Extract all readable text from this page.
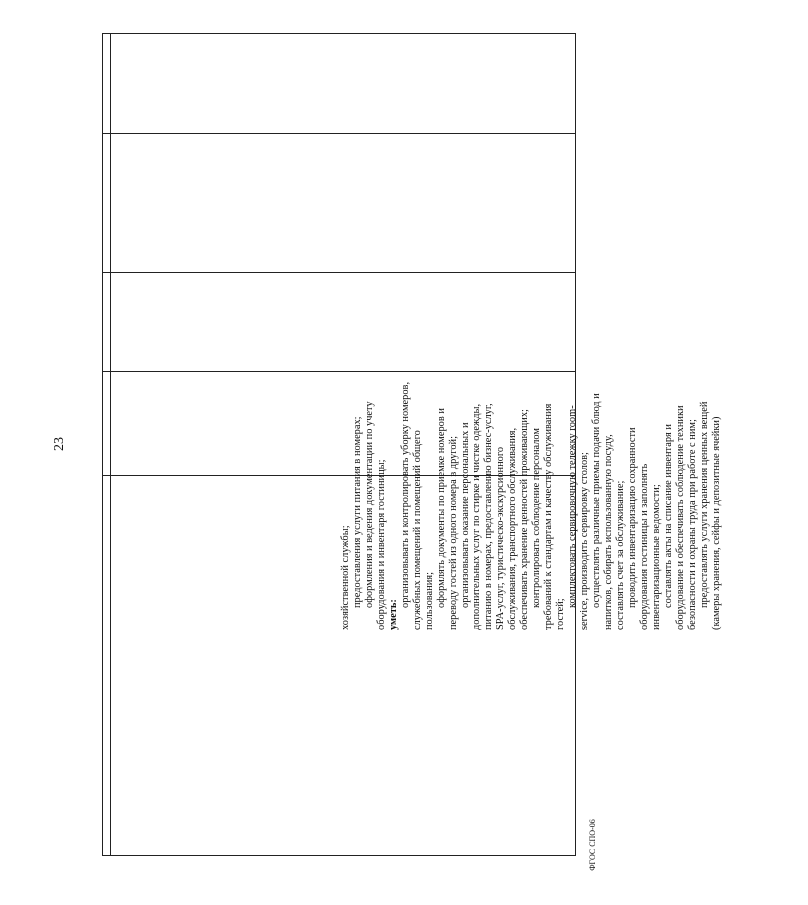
23
хозяйственной службы; предоставления услуги питания в номерах; оформления и ведения документации по учету оборудования и инвентаря гостиницы; уметь:
организовывать и контролировать уборку номеров, служебных помещений и помещений общего пользования; оформлять документы по приемке номеров и переводу гостей из одного номера в другой; организовывать оказание персональных и дополнительных услуг по стирке и чистке одежды, питанию в номерах, предоставлению бизнес-услуг, SPA-услуг, туристическо-экскурсионного обслуживания, транспортного обслуживания, обеспечивать хранение ценностей проживающих; контролировать соблюдение персоналом требований к стандартам и качеству обслуживания гостей;
комплектовать сервировочную тележку room- service, производить сервировку столов; осуществлять различные приемы подачи блюд и напитков, собирать использованную посуду, составлять счет за обслуживание; проводить инвентаризацию сохранности оборудования гостиницы и заполнять инвентаризационные ведомости; составлять акты на списание инвентаря и оборудование и обеспечивать соблюдение техники безопасности и охраны труда при работе с ним; предоставлять услуги хранения ценных вещей (камеры хранения, сейфы и депозитные ячейки)
ФГОС СПО-06
